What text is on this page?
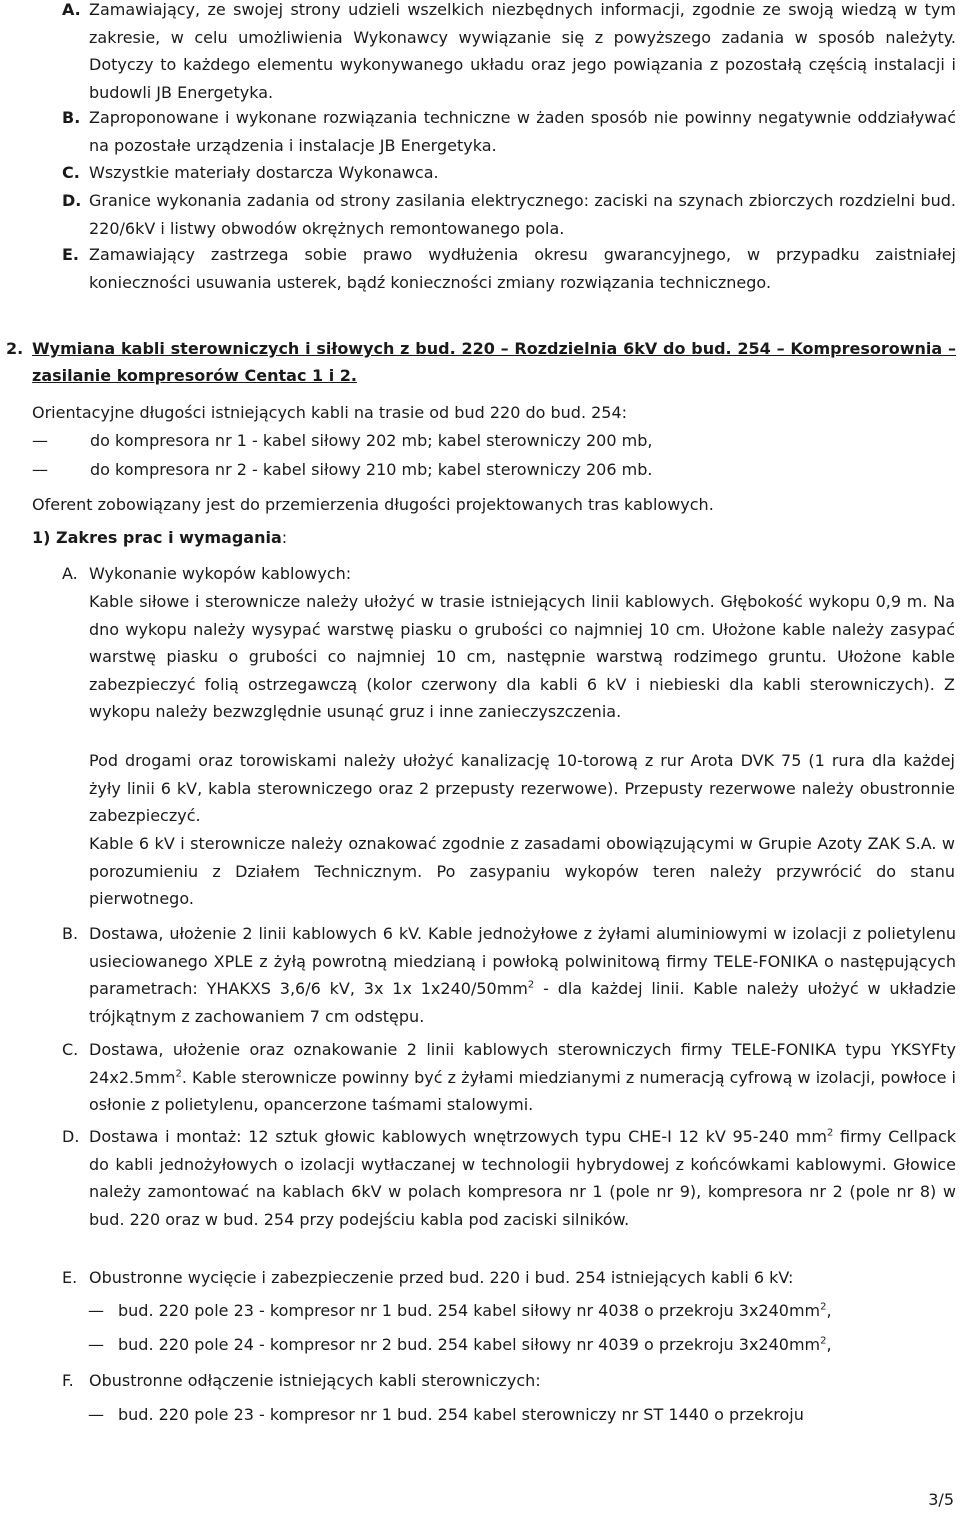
A. Zamawiający, ze swojej strony udzieli wszelkich niezbędnych informacji, zgodnie ze swoją wiedzą w tym zakresie, w celu umożliwienia Wykonawcy wywiązanie się z powyższego zadania w sposób należyty. Dotyczy to każdego elementu wykonywanego układu oraz jego powiązania z pozostałą częścią instalacji i budowli JB Energetyka.
B. Zaproponowane i wykonane rozwiązania techniczne w żaden sposób nie powinny negatywnie oddziaływać na pozostałe urządzenia i instalacje JB Energetyka.
C. Wszystkie materiały dostarcza Wykonawca.
D. Granice wykonania zadania od strony zasilania elektrycznego: zaciski na szynach zbiorczych rozdzielni bud. 220/6kV i listwy obwodów okrężnych remontowanego pola.
E. Zamawiający zastrzega sobie prawo wydłużenia okresu gwarancyjnego, w przypadku zaistniałej konieczności usuwania usterek, bądź konieczności zmiany rozwiązania technicznego.
2. Wymiana kabli sterowniczych i siłowych z bud. 220 – Rozdzielnia 6kV do bud. 254 – Kompresorownia – zasilanie kompresorów Centac 1 i 2.
Orientacyjne długości istniejących kabli na trasie od bud 220 do bud. 254:
—	do kompresora nr 1 - kabel siłowy 202 mb; kabel sterowniczy 200 mb,
—	do kompresora nr 2 - kabel siłowy 210 mb; kabel sterowniczy 206 mb.
Oferent zobowiązany jest do przemierzenia długości projektowanych tras kablowych.
1) Zakres prac i wymagania:
A. Wykonanie wykopów kablowych:
Kable siłowe i sterownicze należy ułożyć w trasie istniejących linii kablowych. Głębokość wykopu 0,9 m. Na dno wykopu należy wysypać warstwę piasku o grubości co najmniej 10 cm. Ułożone kable należy zasypać warstwę piasku o grubości co najmniej 10 cm, następnie warstwą rodzimego gruntu. Ułożone kable zabezpieczyć folią ostrzegawczą (kolor czerwony dla kabli 6 kV i niebieski dla kabli sterowniczych). Z wykopu należy bezwzględnie usunąć gruz i inne zanieczyszczenia.
Pod drogami oraz torowiskami należy ułożyć kanalizację 10-torową z rur Arota DVK 75 (1 rura dla każdej żyły linii 6 kV, kabla sterowniczego oraz 2 przepusty rezerwowe). Przepusty rezerwowe należy obustronnie zabezpieczyć.
Kable 6 kV i sterownicze należy oznakować zgodnie z zasadami obowiązującymi w Grupie Azoty ZAK S.A. w porozumieniu z Działem Technicznym. Po zasypaniu wykopów teren należy przywrócić do stanu pierwotnego.
B. Dostawa, ułożenie 2 linii kablowych 6 kV. Kable jednożyłowe z żyłami aluminiowymi w izolacji z polietylenu usieciowanego XPLE z żyłą powrotną miedzianą i powłoką polwinitową firmy TELE-FONIKA o następujących parametrach: YHAKXS 3,6/6 kV, 3x 1x $1x240/50mm^2$ - dla każdej linii. Kable należy ułożyć w układzie trójkątnym z zachowaniem 7 cm odstępu.
C. Dostawa, ułożenie oraz oznakowanie 2 linii kablowych sterowniczych firmy TELE-FONIKA typu YKSYFty $24x2.5mm^2$. Kable sterownicze powinny być z żyłami miedzianymi z numeracją cyfrową w izolacji, powłoce i osłonie z polietylenu, opancerzone taśmami stalowymi.
D. Dostawa i montaż: 12 sztuk głowic kablowych wnętrzowych typu CHE-I 12 kV 95-240 $mm^2$ firmy Cellpack do kabli jednożyłowych o izolacji wytłaczanej w technologii hybrydowej z końcówkami kablowymi. Głowice należy zamontować na kablach 6kV w polach kompresora nr 1 (pole nr 9), kompresora nr 2 (pole nr 8) w bud. 220 oraz w bud. 254 przy podejściu kabla pod zaciski silników.
E. Obustronne wycięcie i zabezpieczenie przed bud. 220 i bud. 254 istniejących kabli 6 kV:
— bud. 220 pole 23 - kompresor nr 1 bud. 254 kabel siłowy nr 4038 o przekroju $3x240mm^2$,
— bud. 220 pole 24 - kompresor nr 2 bud. 254 kabel siłowy nr 4039 o przekroju $3x240mm^2$,
F. Obustronne odłączenie istniejących kabli sterowniczych:
— bud. 220 pole 23 - kompresor nr 1 bud. 254 kabel sterowniczy nr ST 1440 o przekroju
3/5
